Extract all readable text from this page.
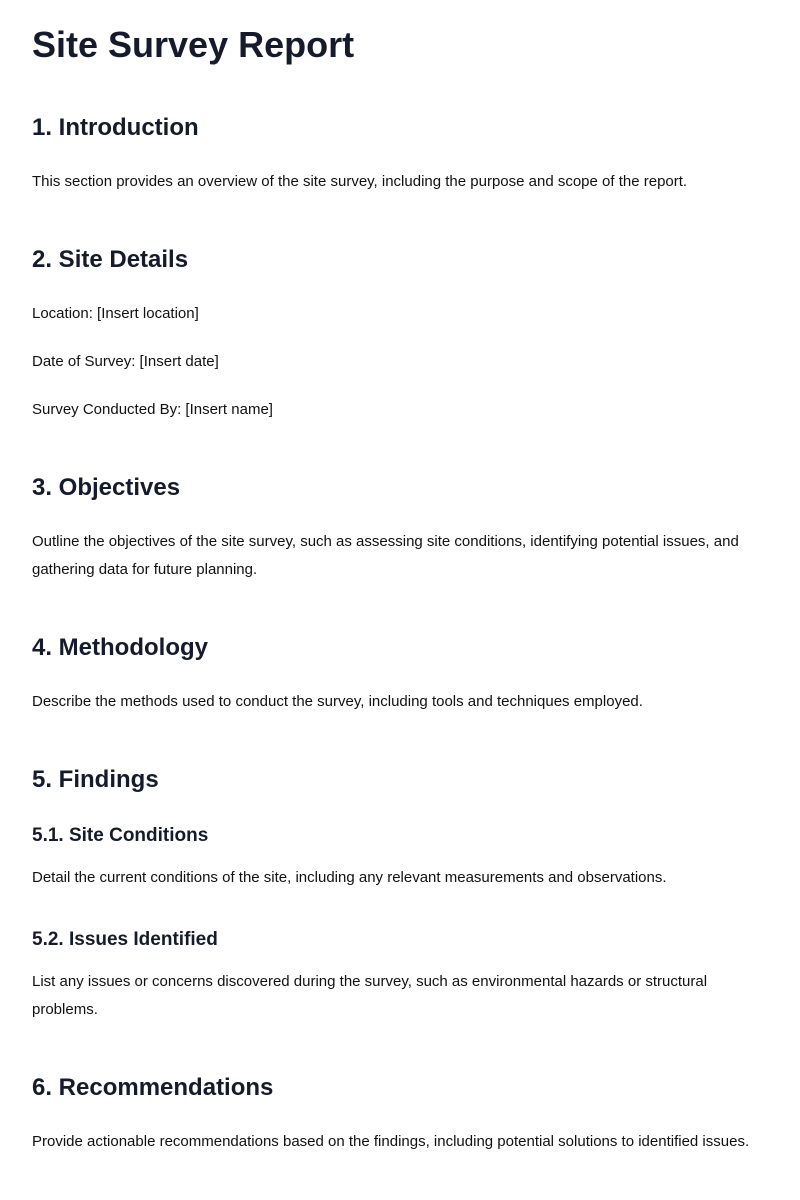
Site Survey Report
1. Introduction

This section provides an overview of the site survey, including the purpose and scope of the report.

2. Site Details

Location: [Insert location]

Date of Survey: [Insert date]

Survey Conducted By: [Insert name]

3. Objectives

Outline the objectives of the site survey, such as assessing site conditions, identifying potential issues, and gathering data for future planning.

4. Methodology

Describe the methods used to conduct the survey, including tools and techniques employed.

5. Findings
5.1. Site Conditions

Detail the current conditions of the site, including any relevant measurements and observations.

5.2. Issues Identified

List any issues or concerns discovered during the survey, such as environmental hazards or structural problems.

6. Recommendations

Provide actionable recommendations based on the findings, including potential solutions to identified issues.
